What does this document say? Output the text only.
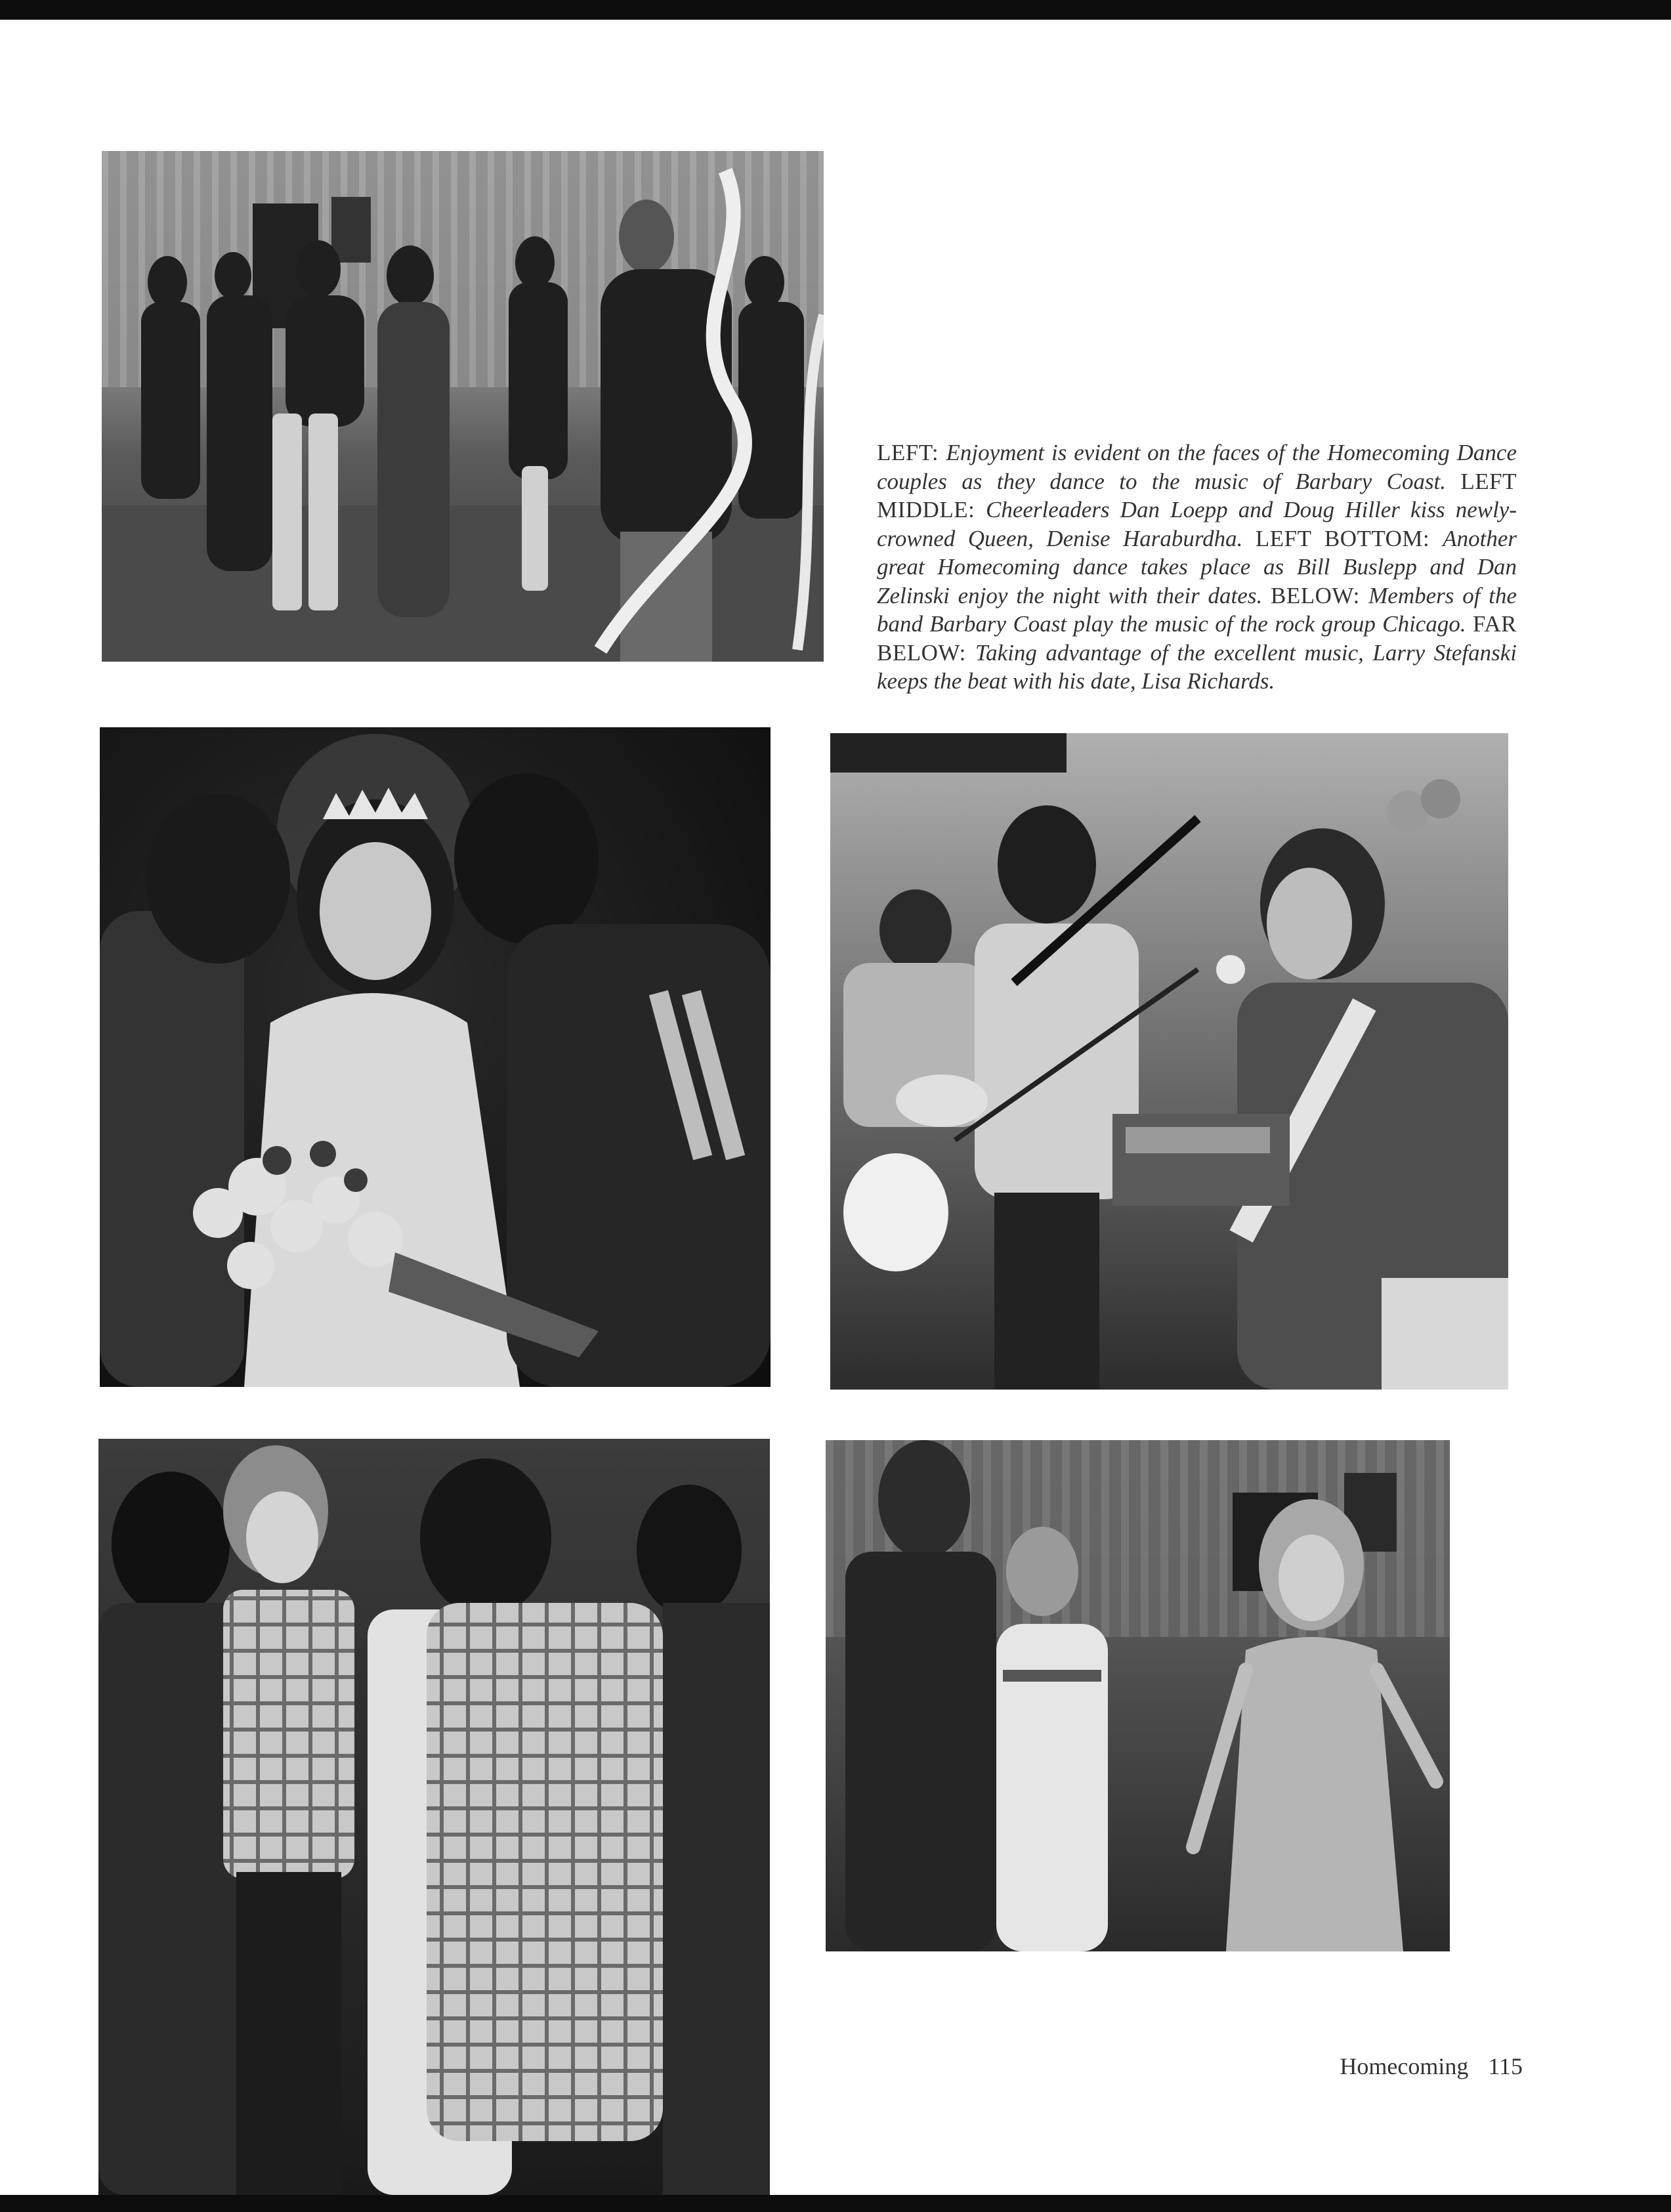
LEFT: Enjoyment is evident on the faces of the Homecoming Dance couples as they dance to the music of Barbary Coast. LEFT MIDDLE: Cheerleaders Dan Loepp and Doug Hiller kiss newly-crowned Queen, Denise Haraburdha. LEFT BOTTOM: Another great Homecoming dance takes place as Bill Buslepp and Dan Zelinski enjoy the night with their dates. BELOW: Members of the band Barbary Coast play the music of the rock group Chicago. FAR BELOW: Taking advantage of the excellent music, Larry Stefanski keeps the beat with his date, Lisa Richards.

Homecoming 115
